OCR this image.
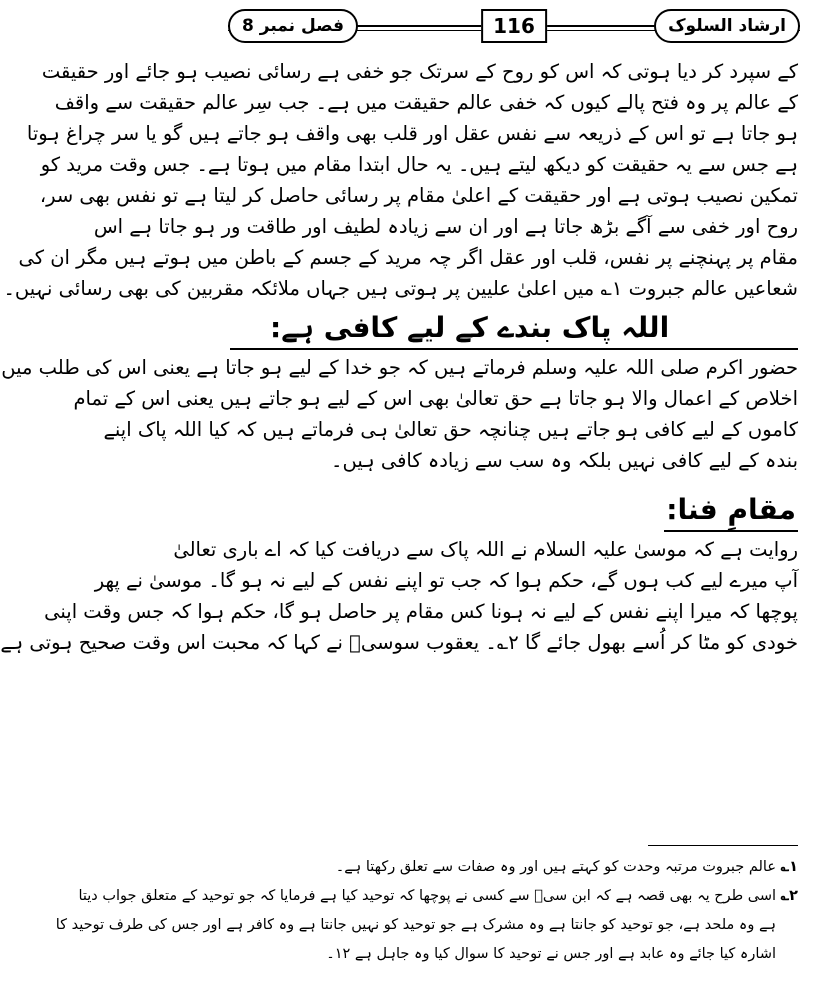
ارشاد السلوک
116
فصل نمبر 8
کے سپرد کر دیا ہوتی کہ اس کو روح کے سرتک جو خفی ہے رسائی نصیب ہو جائے اور حقیقت
کے عالم پر وہ فتح پالے کیوں کہ خفی عالم حقیقت میں ہے۔ جب سِر عالم حقیقت سے واقف
ہو جاتا ہے تو اس کے ذریعہ سے نفس عقل اور قلب بھی واقف ہو جاتے ہیں گو یا سر چراغ ہوتا
ہے جس سے یہ حقیقت کو دیکھ لیتے ہیں۔ یہ حال ابتدا مقام میں ہوتا ہے۔ جس وقت مرید کو
تمکین نصیب ہوتی ہے اور حقیقت کے اعلیٰ مقام پر رسائی حاصل کر لیتا ہے تو نفس بھی سر،
روح اور خفی سے آگے بڑھ جاتا ہے اور ان سے زیادہ لطیف اور طاقت ور ہو جاتا ہے اس
مقام پر پہنچنے پر نفس، قلب اور عقل اگر چہ مرید کے جسم کے باطن میں ہوتے ہیں مگر ان کی
شعاعیں عالم جبروت ۱؎ میں اعلیٰ علیین پر ہوتی ہیں جہاں ملائکہ مقربین کی بھی رسائی نہیں۔
اللہ پاک بندے کے لیے کافی ہے:
حضور اکرم صلی اللہ علیہ وسلم فرماتے ہیں کہ جو خدا کے لیے ہو جاتا ہے یعنی اس کی طلب میں
اخلاص کے اعمال والا ہو جاتا ہے حق تعالیٰ بھی اس کے لیے ہو جاتے ہیں یعنی اس کے تمام
کاموں کے لیے کافی ہو جاتے ہیں چنانچہ حق تعالیٰ ہی فرماتے ہیں کہ کیا اللہ پاک اپنے
بندہ کے لیے کافی نہیں بلکہ وہ سب سے زیادہ کافی ہیں۔
مقامِ فنا:
روایت ہے کہ موسیٰ علیہ السلام نے اللہ پاک سے دریافت کیا کہ اے باری تعالیٰ
آپ میرے لیے کب ہوں گے، حکم ہوا کہ جب تو اپنے نفس کے لیے نہ ہو گا۔ موسیٰ نے پھر
پوچھا کہ میرا اپنے نفس کے لیے نہ ہونا کس مقام پر حاصل ہو گا، حکم ہوا کہ جس وقت اپنی
خودی کو مٹا کر اُسے بھول جائے گا ۲؎۔ یعقوب سوسیؒ نے کہا کہ محبت اس وقت صحیح ہوتی ہے
۱؎عالم جبروت مرتبہ وحدت کو کہتے ہیں اور وہ صفات سے تعلق رکھتا ہے۔
۲؎اسی طرح یہ بھی قصہ ہے کہ ابن سیؒ سے کسی نے پوچھا کہ توحید کیا ہے فرمایا کہ جو توحید کے متعلق جواب دیتا
ہے وہ ملحد ہے، جو توحید کو جانتا ہے وہ مشرک ہے جو توحید کو نہیں جانتا ہے وہ کافر ہے اور جس کی طرف توحید کا
اشارہ کیا جائے وہ عابد ہے اور جس نے توحید کا سوال کیا وہ جاہل ہے ۱۲۔
